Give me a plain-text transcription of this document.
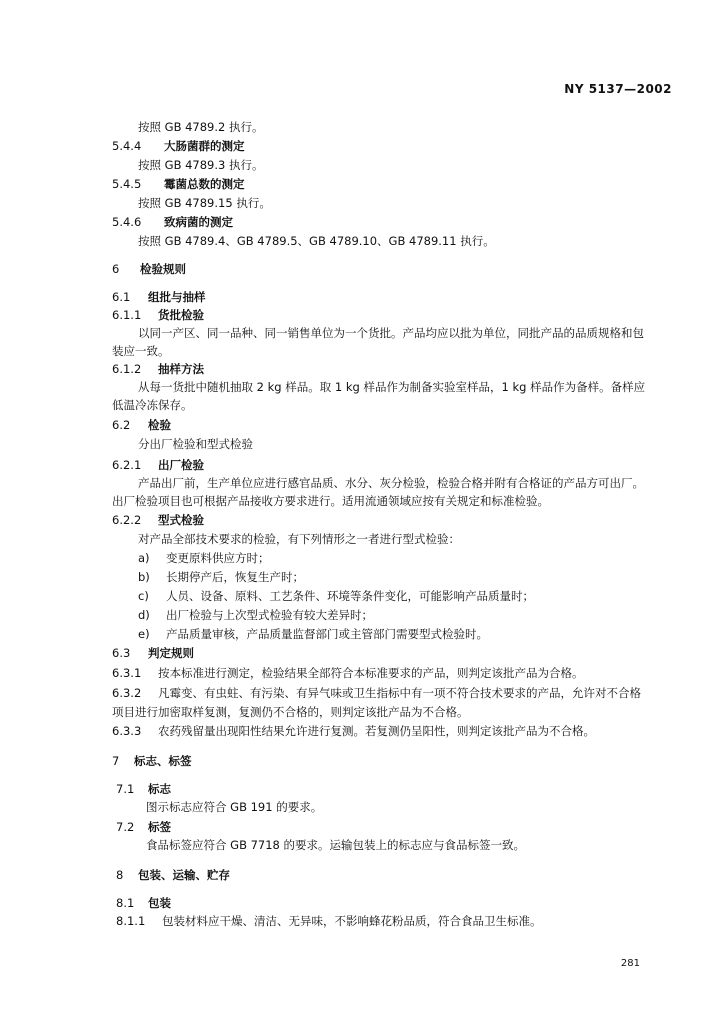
NY 5137—2002
按照 GB 4789.2 执行。
5.4.4 大肠菌群的测定
按照 GB 4789.3 执行。
5.4.5 霉菌总数的测定
按照 GB 4789.15 执行。
5.4.6 致病菌的测定
按照 GB 4789.4、GB 4789.5、GB 4789.10、GB 4789.11 执行。
6 检验规则
6.1 组批与抽样
6.1.1 货批检验
以同一产区、同一品种、同一销售单位为一个货批。产品均应以批为单位，同批产品的品质规格和包
装应一致。
6.1.2 抽样方法
从每一货批中随机抽取 2 kg 样品。取 1 kg 样品作为制备实验室样品，1 kg 样品作为备样。备样应
低温冷冻保存。
6.2 检验
分出厂检验和型式检验
6.2.1 出厂检验
产品出厂前，生产单位应进行感官品质、水分、灰分检验，检验合格并附有合格证的产品方可出厂。
出厂检验项目也可根据产品接收方要求进行。适用流通领域应按有关规定和标准检验。
6.2.2 型式检验
对产品全部技术要求的检验，有下列情形之一者进行型式检验：
a) 变更原料供应方时；
b) 长期停产后，恢复生产时；
c) 人员、设备、原料、工艺条件、环境等条件变化，可能影响产品质量时；
d) 出厂检验与上次型式检验有较大差异时；
e) 产品质量审核，产品质量监督部门或主管部门需要型式检验时。
6.3 判定规则
6.3.1 按本标准进行测定，检验结果全部符合本标准要求的产品，则判定该批产品为合格。
6.3.2 凡霉变、有虫蛀、有污染、有异气味或卫生指标中有一项不符合技术要求的产品，允许对不合格
项目进行加密取样复测，复测仍不合格的，则判定该批产品为不合格。
6.3.3 农药残留量出现阳性结果允许进行复测。若复测仍呈阳性，则判定该批产品为不合格。
7 标志、标签
7.1 标志
图示标志应符合 GB 191 的要求。
7.2 标签
食品标签应符合 GB 7718 的要求。运输包装上的标志应与食品标签一致。
8 包装、运输、贮存
8.1 包装
8.1.1 包装材料应干燥、清洁、无异味，不影响蜂花粉品质，符合食品卫生标准。
281
